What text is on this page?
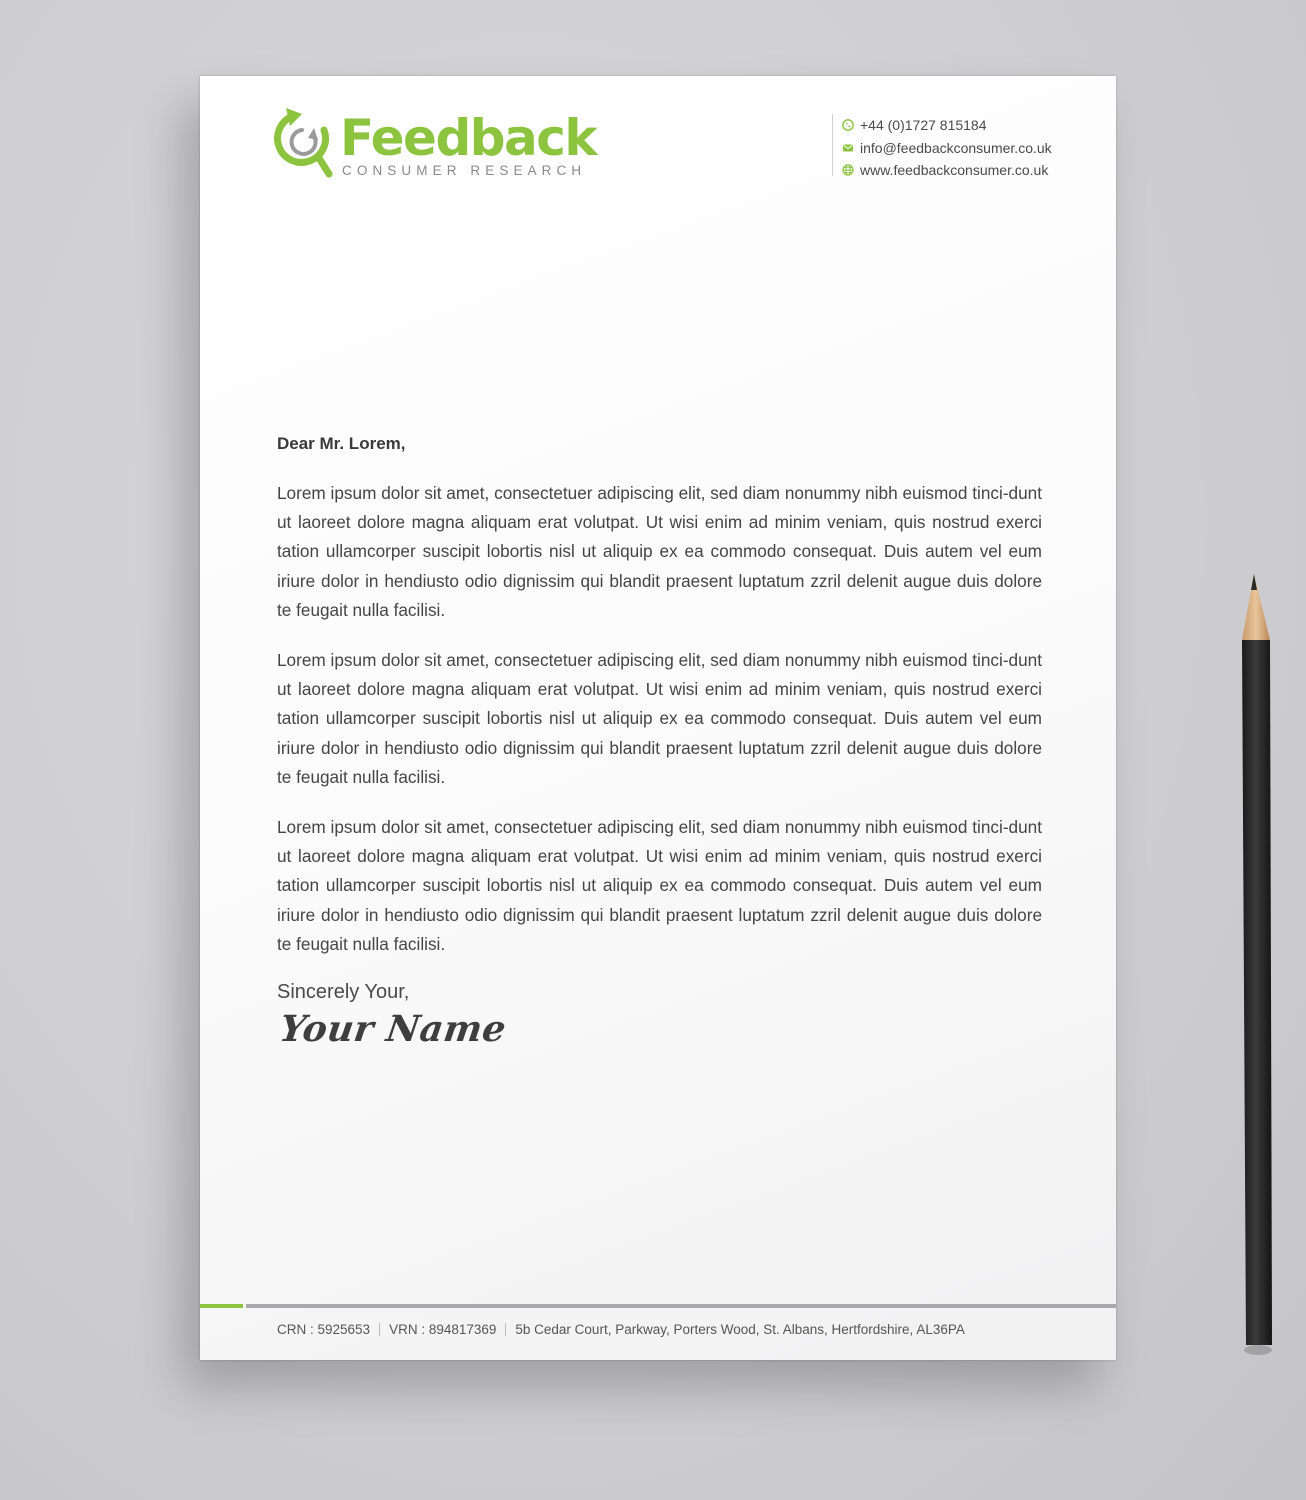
Feedback
CONSUMER RESEARCH
+44 (0)1727 815184
info@feedbackconsumer.co.uk
www.feedbackconsumer.co.uk

Dear Mr. Lorem,

Lorem ipsum dolor sit amet, consectetuer adipiscing elit, sed diam nonummy nibh euismod tinci-dunt ut laoreet dolore magna aliquam erat volutpat. Ut wisi enim ad minim veniam, quis nostrud exerci tation ullamcorper suscipit lobortis nisl ut aliquip ex ea commodo consequat. Duis autem vel eum iriure dolor in hendiusto odio dignissim qui blandit praesent luptatum zzril delenit augue duis dolore te feugait nulla facilisi.

Lorem ipsum dolor sit amet, consectetuer adipiscing elit, sed diam nonummy nibh euismod tinci-dunt ut laoreet dolore magna aliquam erat volutpat. Ut wisi enim ad minim veniam, quis nostrud exerci tation ullamcorper suscipit lobortis nisl ut aliquip ex ea commodo consequat. Duis autem vel eum iriure dolor in hendiusto odio dignissim qui blandit praesent luptatum zzril delenit augue duis dolore te feugait nulla facilisi.

Lorem ipsum dolor sit amet, consectetuer adipiscing elit, sed diam nonummy nibh euismod tinci-dunt ut laoreet dolore magna aliquam erat volutpat. Ut wisi enim ad minim veniam, quis nostrud exerci tation ullamcorper suscipit lobortis nisl ut aliquip ex ea commodo consequat. Duis autem vel eum iriure dolor in hendiusto odio dignissim qui blandit praesent luptatum zzril delenit augue duis dolore te feugait nulla facilisi.

Sincerely Your,
Your Name
CRN : 5925653 VRN : 894817369 5b Cedar Court, Parkway, Porters Wood, St. Albans, Hertfordshire, AL36PA
